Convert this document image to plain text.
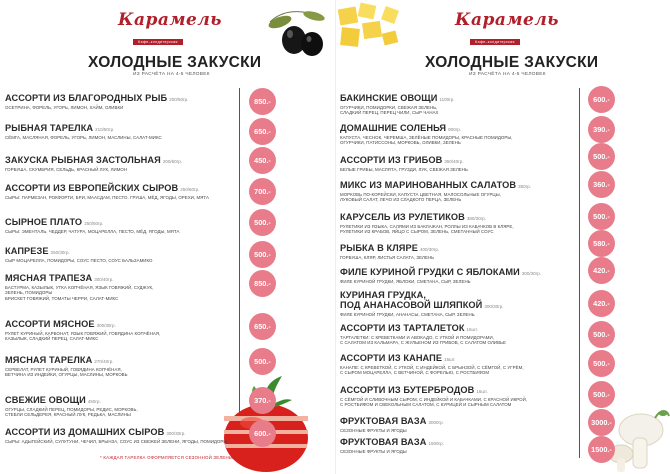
Карамель
Кафе–кондитерская
ХОЛОДНЫЕ ЗАКУСКИ
ИЗ РАСЧЁТА НА 4-5 ЧЕЛОВЕК
АССОРТИ ИЗ БЛАГОРОДНЫХ РЫБ 200/50гр.
ОСЕТРИНА, ФОРЕЛЬ, УГОРЬ, ЛИМОН, ХАЙМ, ОЛИВКИ
850.-
РЫБНАЯ ТАРЕЛКА 210/50гр.
СЁМГА, МАСЛЯНАЯ, ФОРЕЛЬ, УГОРЬ, ЛИМОН, МАСЛИНЫ, САЛАТ-МИКС
650.-
ЗАКУСКА РЫБНАЯ ЗАСТОЛЬНАЯ 200/60гр.
ГОРБУША, СКУМБРИЯ, СЕЛЬДЬ, КРАСНЫЙ ЛУК, ЛИМОН
450.-
АССОРТИ ИЗ ЕВРОПЕЙСКИХ СЫРОВ 250/60гр.
СЫРЫ: ПАРМЕЗАН, РОКФОРТИ, БРИ, МААСДАМ, ПЕСТО. ГРУША, МЁД, ЯГОДЫ, ОРЕХИ, МЯТА
700.-
СЫРНОЕ ПЛАТО 250/50гр.
СЫРЫ: ЭМЕНТАЛЬ, ЧЕДДЕР, ЧАТУРА, МОЦАРЕЛЛА, ПЕСТО, МЁД, ЯГОДЫ, МЯТА
500.-
КАПРЕЗЕ 250/30гр.
СЫР МОЦАРЕЛЛА, ПОМИДОРЫ, СОУС ПЕСТО, СОУС БАЛЬЗАМИКО
500.-
МЯСНАЯ ТРАПЕЗА 300/40гр.
БАСТУРМА, КАЗЫЛЫК, УТКА КОПЧЁНАЯ, ЯЗЫК ГОВЯЖИЙ, СУДЖУК,
ЗЕЛЕНЬ, ПОМИДОРЫ
БРИСКЕТ ГОВЯЖИЙ, ТОМАТЫ ЧЕРРИ, САЛАТ-МИКС
850.-
АССОРТИ МЯСНОЕ 300/30гр.
РУЛЕТ КУРИНЫЙ, КАРБОНАТ, ЯЗЫК ГОВЯЖИЙ, ГОВЯДИНА КОПЧЁНАЯ,
КАЗЫЛЫК, СЛАДКИЙ ПЕРЕЦ, САЛАТ-МИКС
650.-
МЯСНАЯ ТАРЕЛКА 270/40гр.
СЕРВЕЛАТ, РУЛЕТ КУРИНЫЙ, ГОВЯДИНА КОПЧЁНАЯ,
ВЕТЧИНА ИЗ ИНДЕЙКИ, ОГУРЦЫ, МАСЛИНЫ, МОРКОВЬ
500.-
СВЕЖИЕ ОВОЩИ 450гр.
ОГУРЦЫ, СЛАДКИЙ ПЕРЕЦ, ПОМИДОРЫ, РЕДИС, МОРКОВЬ,
СТЕБЛИ СЕЛЬДЕРЕЯ, КРАСНЫЙ ЛУК, РЕДЬКА, МАСЛИНЫ
370.-
АССОРТИ ИЗ ДОМАШНИХ СЫРОВ 300/30гр.
СЫРЫ: АДЫГЕЙСКИЙ, СУЛУГУНИ, ЧЕЧИЛ, БРЫНЗА, СОУС ИЗ СВЕЖЕЙ ЗЕЛЕНИ, ЯГОДЫ, ПОМИДОРЫ
600.-
* КАЖДАЯ ТАРЕЛКА ОФОРМЛЯЕТСЯ СЕЗОННОЙ ЗЕЛЕНЬЮ
Карамель
Кафе–кондитерская
ХОЛОДНЫЕ ЗАКУСКИ
ИЗ РАСЧЁТА НА 4-5 ЧЕЛОВЕК
БАКИНСКИЕ ОВОЩИ 1100гр.
ОГУРЧИКИ, ПОМИДОРКИ, СВЕЖАЯ ЗЕЛЕНЬ,
СЛАДКИЙ ПЕРЕЦ, ПЕРЕЦ ЧИЛИ, СЫР ЧАНАХ
600.-
ДОМАШНИЕ СОЛЕНЬЯ 900гр.
КАПУСТА, ЧЕСНОК, ЧЕРЕМША, ЗЕЛЁНЫЕ ПОМИДОРЫ, КРАСНЫЕ ПОМИДОРЫ,
ОГУРЧИКИ, ПАТИССОНЫ, МОРКОВЬ, ОЛИВКИ, ЗЕЛЕНЬ
390.-
АССОРТИ ИЗ ГРИБОВ 350/40гр.
БЕЛЫЕ ГРИБЫ, МАСЛЯТА, ГРУЗДИ, ЛУК, СВЕЖАЯ ЗЕЛЕНЬ
500.-
МИКС ИЗ МАРИНОВАННЫХ САЛАТОВ 350гр.
МОРКОВЬ ПО-КОРЕЙСКИ, КАПУСТА ЦВЕТНАЯ, МАЛОСОЛЬНЫЕ ОГУРЦЫ,
ЛУКОВЫЙ САЛАТ, ЛЕЧО ИЗ СЛАДКОГО ПЕРЦА, ЗЕЛЕНЬ
360.-
КАРУСЕЛЬ ИЗ РУЛЕТИКОВ 380/30гр.
РУЛЕТИКИ ИЗ ЯЗЫКА, САЛЯМИ ИЗ БАКЛАЖАН, РОЛЛЫ ИЗ КАБАЧКОВ В КЛЯРЕ,
РУЛЕТИКИ ИЗ КРАБОВ, ЯЙЦО С СЫРОМ, ЗЕЛЕНЬ, СМЕТАННЫЙ СОУС
500.-
РЫБКА В КЛЯРЕ 400/30гр.
ГОРБУША, КЛЯР, ЛИСТЬЯ САЛАТА, ЗЕЛЕНЬ
580.-
ФИЛЕ КУРИНОЙ ГРУДКИ С ЯБЛОКАМИ 300/30гр.
ФИЛЕ КУРИНОЙ ГРУДКИ, ЯБЛОКИ, СМЕТАНА, СЫР, ЗЕЛЕНЬ
420.-
КУРИНАЯ ГРУДКА,
ПОД АНАНАСОВОЙ ШЛЯПКОЙ 300/30гр.
ФИЛЕ КУРИНОЙ ГРУДКИ, АНАНАСЫ, СМЕТАНА, СЫР, ЗЕЛЕНЬ
420.-
АССОРТИ ИЗ ТАРТАЛЕТОК 16шт.
ТАРТАЛЕТКИ: С КРЕВЕТКАМИ И АВОКАДО, С УТКОЙ И ПОМИДОРАМИ,
С САЛАТОМ ИЗ КАЛЬМАРА, С ЖУЛЬЕНОМ ИЗ ГРИБОВ, С САЛАТОМ ОЛИВЬЕ
500.-
АССОРТИ ИЗ КАНАПЕ 16шт.
КАНАПЕ: С КРЕВЕТКОЙ, С УТКОЙ, С ИНДЕЙКОЙ, С БРЫНЗОЙ, С СЁМГОЙ, С УГРЁМ,
С СЫРОМ МОЦАРЕЛЛА, С ВЕТЧИНОЙ, С ФОРЕЛЬЮ, С РОСТБИФОМ
500.-
АССОРТИ ИЗ БУТЕРБРОДОВ 16шт.
С СЁМГОЙ И СЛИВОЧНЫМ СЫРОМ, С ИНДЕЙКОЙ И КАБАЧКАМИ, С КРАСНОЙ ИКРОЙ,
С РОСТБИФОМ И СВЕКОЛЬНЫМ САЛАТОМ, С КУРИЦЕЙ И СЫРНЫМ САЛАТОМ
500.-
ФРУКТОВАЯ ВАЗА 3000гр.
СЕЗОННЫЕ ФРУКТЫ И ЯГОДЫ
3000.-
ФРУКТОВАЯ ВАЗА 1500гр.
СЕЗОННЫЕ ФРУКТЫ И ЯГОДЫ	1500.-
